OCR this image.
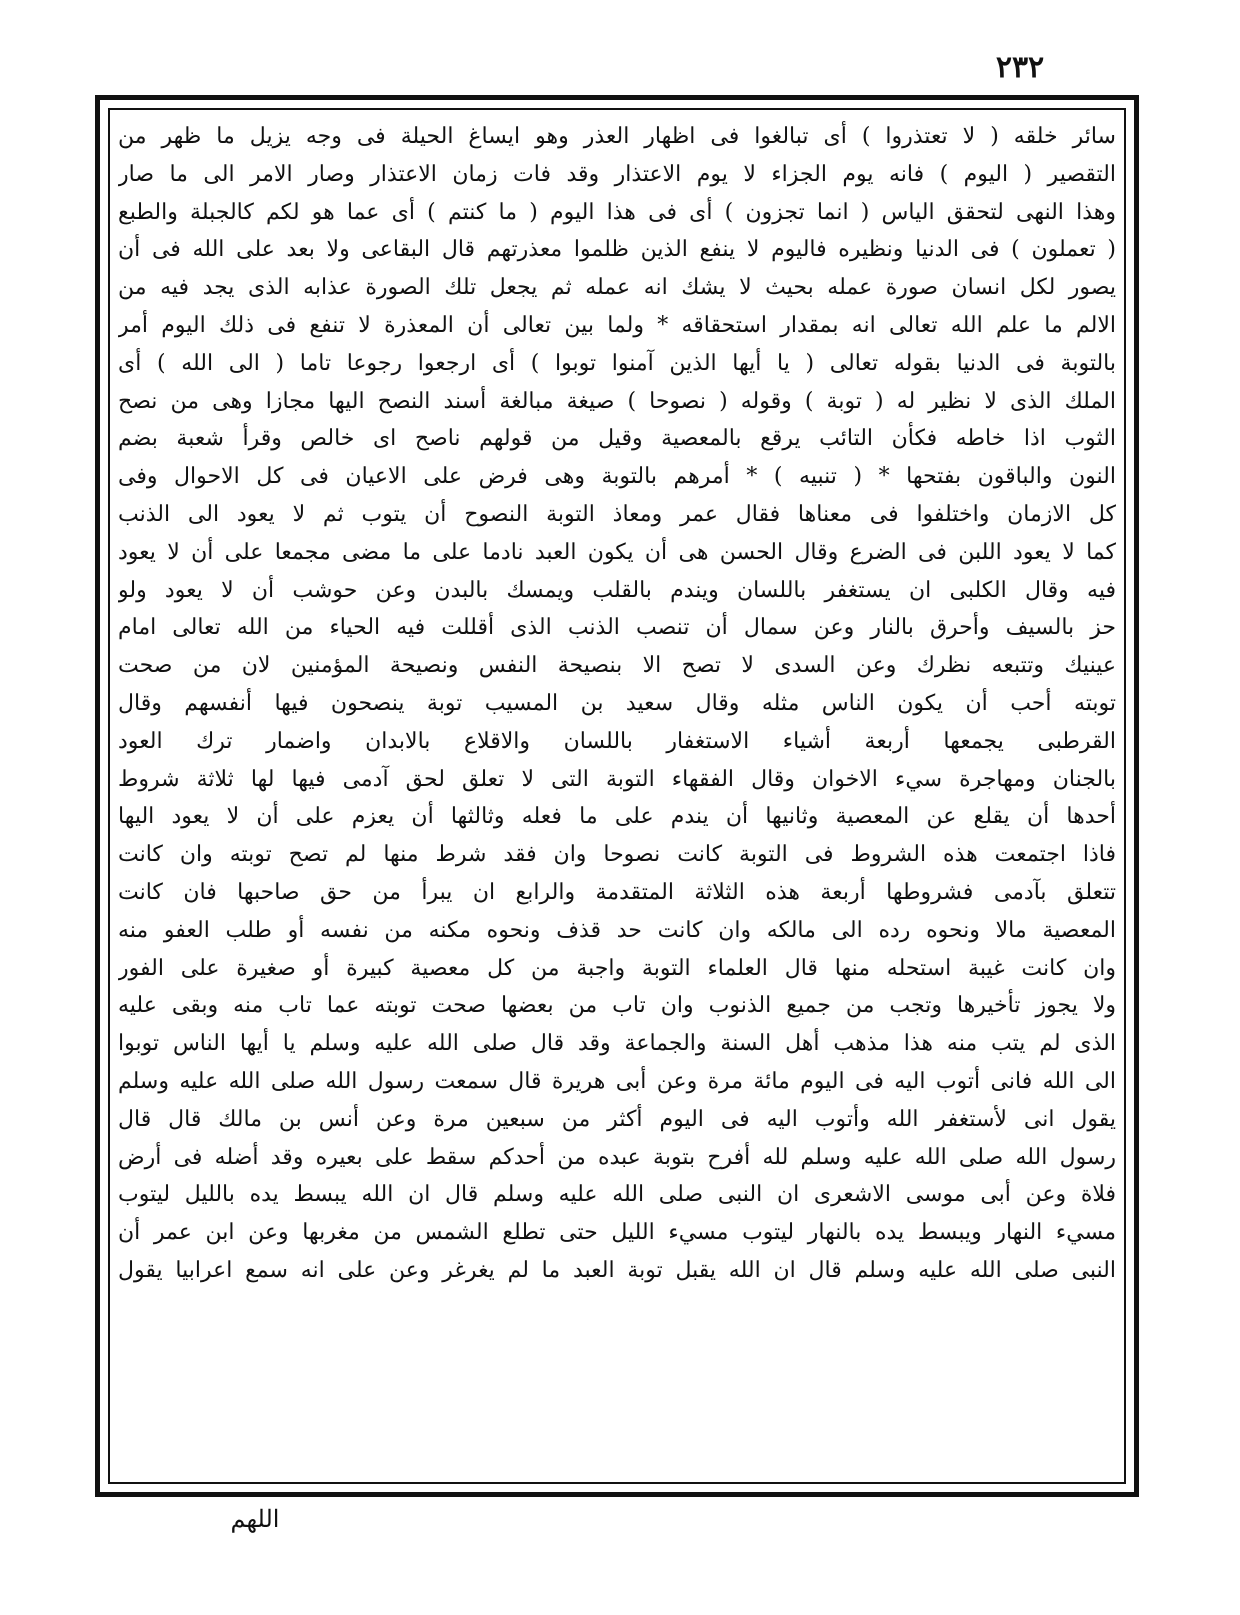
٢٣٢
سائر خلقه ( لا تعتذروا ) أى تبالغوا فى اظهار العذر وهو ايساغ الحيلة فى وجه يزيل ما ظهر من
التقصير ( اليوم ) فانه يوم الجزاء لا يوم الاعتذار وقد فات زمان الاعتذار وصار الامر الى ما صار
وهذا النهى لتحقق الياس ( انما تجزون ) أى فى هذا اليوم ( ما كنتم ) أى عما هو لكم كالجبلة والطبع
( تعملون ) فى الدنيا ونظيره فاليوم لا ينفع الذين ظلموا معذرتهم قال البقاعى ولا بعد على الله فى أن
يصور لكل انسان صورة عمله بحيث لا يشك انه عمله ثم يجعل تلك الصورة عذابه الذى يجد فيه من
الالم ما علم الله تعالى انه بمقدار استحقاقه * ولما بين تعالى أن المعذرة لا تنفع فى ذلك اليوم أمر
بالتوبة فى الدنيا بقوله تعالى ( يا أيها الذين آمنوا توبوا ) أى ارجعوا رجوعا تاما ( الى الله ) أى
الملك الذى لا نظير له ( توبة ) وقوله ( نصوحا ) صيغة مبالغة أسند النصح اليها مجازا وهى من نصح
الثوب اذا خاطه فكأن التائب يرقع بالمعصية وقيل من قولهم ناصح اى خالص وقرأ شعبة بضم
النون والباقون بفتحها * ( تنبيه ) * أمرهم بالتوبة وهى فرض على الاعيان فى كل الاحوال وفى
كل الازمان واختلفوا فى معناها فقال عمر ومعاذ التوبة النصوح أن يتوب ثم لا يعود الى الذنب
كما لا يعود اللبن فى الضرع وقال الحسن هى أن يكون العبد نادما على ما مضى مجمعا على أن لا يعود
فيه وقال الكلبى ان يستغفر باللسان ويندم بالقلب ويمسك بالبدن وعن حوشب أن لا يعود ولو
حز بالسيف وأحرق بالنار وعن سمال أن تنصب الذنب الذى أقللت فيه الحياء من الله تعالى امام
عينيك وتتبعه نظرك وعن السدى لا تصح الا بنصيحة النفس ونصيحة المؤمنين لان من صحت
توبته أحب أن يكون الناس مثله وقال سعيد بن المسيب توبة ينصحون فيها أنفسهم وقال
القرطبى يجمعها أربعة أشياء الاستغفار باللسان والاقلاع بالابدان واضمار ترك العود
بالجنان ومهاجرة سيء الاخوان وقال الفقهاء التوبة التى لا تعلق لحق آدمى فيها لها ثلاثة شروط
أحدها أن يقلع عن المعصية وثانيها أن يندم على ما فعله وثالثها أن يعزم على أن لا يعود اليها
فاذا اجتمعت هذه الشروط فى التوبة كانت نصوحا وان فقد شرط منها لم تصح توبته وان كانت
تتعلق بآدمى فشروطها أربعة هذه الثلاثة المتقدمة والرابع ان يبرأ من حق صاحبها فان كانت
المعصية مالا ونحوه رده الى مالكه وان كانت حد قذف ونحوه مكنه من نفسه أو طلب العفو منه
وان كانت غيبة استحله منها قال العلماء التوبة واجبة من كل معصية كبيرة أو صغيرة على الفور
ولا يجوز تأخيرها وتجب من جميع الذنوب وان تاب من بعضها صحت توبته عما تاب منه وبقى عليه
الذى لم يتب منه هذا مذهب أهل السنة والجماعة وقد قال صلى الله عليه وسلم يا أيها الناس توبوا
الى الله فانى أتوب اليه فى اليوم مائة مرة وعن أبى هريرة قال سمعت رسول الله صلى الله عليه وسلم
يقول انى لأستغفر الله وأتوب اليه فى اليوم أكثر من سبعين مرة وعن أنس بن مالك قال قال
رسول الله صلى الله عليه وسلم لله أفرح بتوبة عبده من أحدكم سقط على بعيره وقد أضله فى أرض
فلاة وعن أبى موسى الاشعرى ان النبى صلى الله عليه وسلم قال ان الله يبسط يده بالليل ليتوب
مسيء النهار ويبسط يده بالنهار ليتوب مسيء الليل حتى تطلع الشمس من مغربها وعن ابن عمر أن
النبى صلى الله عليه وسلم قال ان الله يقبل توبة العبد ما لم يغرغر وعن على انه سمع اعرابيا يقول
اللهم
